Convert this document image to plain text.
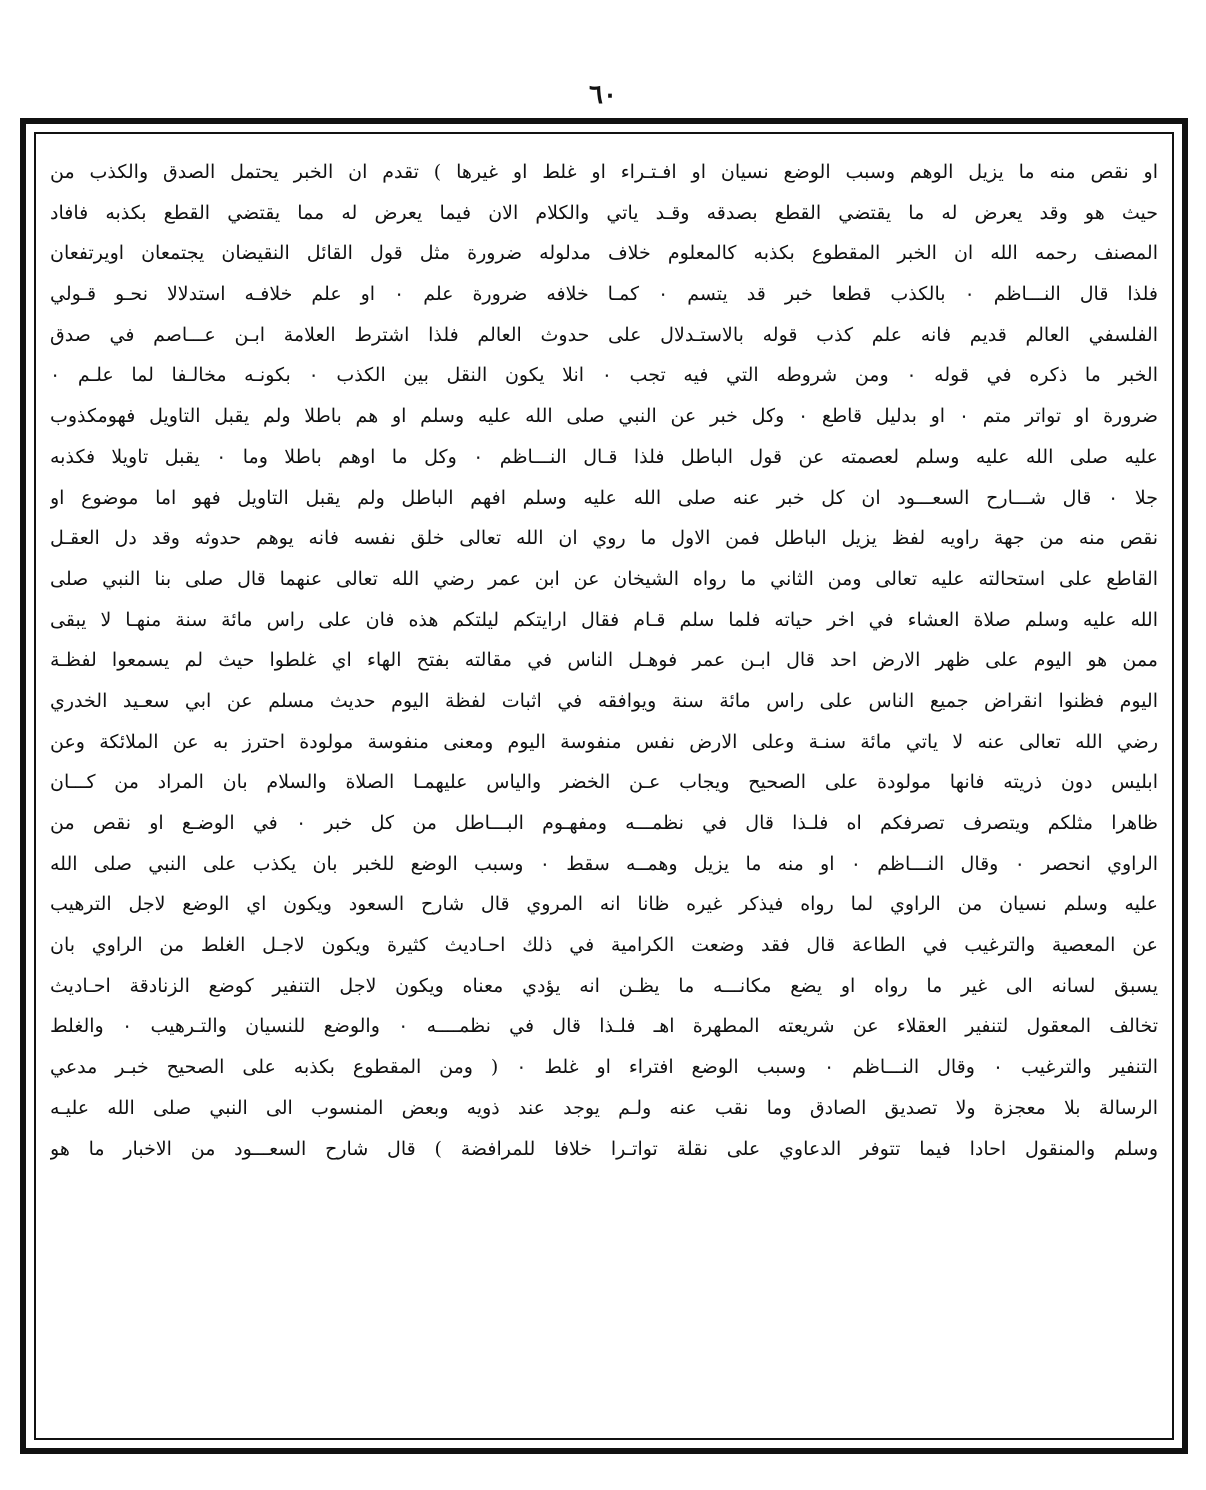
٦٠
او نقص منه ما يزيل الوهم وسبب الوضع نسيان او افـتـراء او غلط او غيرها ) تقدم ان الخبر يحتمل الصدق والكذب من
حيث هو وقد يعرض له ما يقتضي القطع بصدقه وقـد ياتي والكلام الان فيما يعرض له مما يقتضي القطع بكذبه فافاد
المصنف رحمه الله ان الخبر المقطوع بكذبه كالمعلوم خلاف مدلوله ضرورة مثل قول القائل النقيضان يجتمعان اويرتفعان
فلذا قال النـــاظم ٠ بالكذب قطعا خبر قد يتسم ٠ كمـا خلافه ضرورة علم ٠ او علم خلافـه استدلالا نحـو قـولي
الفلسفي العالم قديم فانه علم كذب قوله بالاستـدلال على حدوث العالم فلذا اشترط العلامة ابـن عـــاصم في صدق
الخبر ما ذكره في قوله ٠ ومن شروطه التي فيه تجب ٠ انلا يكون النقل بين الكذب ٠ بكونـه مخالـفا لما علـم ٠
ضرورة او تواتر متم ٠ او بدليل قاطع ٠ وكل خبر عن النبي صلى الله عليه وسلم او هم باطلا ولم يقبل التاويل فهومكذوب
عليه صلى الله عليه وسلم لعصمته عن قول الباطل فلذا قـال النـــاظم ٠ وكل ما اوهم باطلا وما ٠ يقبل تاويلا فكذبه
جلا ٠ قال شـــارح السعـــود ان كل خبر عنه صلى الله عليه وسلم افهم الباطل ولم يقبل التاويل فهو اما موضوع او
نقص منه من جهة راويه لفظ يزيل الباطل فمن الاول ما روي ان الله تعالى خلق نفسه فانه يوهم حدوثه وقد دل العقـل
القاطع على استحالته عليه تعالى ومن الثاني ما رواه الشيخان عن ابن عمر رضي الله تعالى عنهما قال صلى بنا النبي صلى
الله عليه وسلم صلاة العشاء في اخر حياته فلما سلم قـام فقال ارايتكم ليلتكم هذه فان على راس مائة سنة منهـا لا يبقى
ممن هو اليوم على ظهر الارض احد قال ابـن عمر فوهـل الناس في مقالته بفتح الهاء اي غلطوا حيث لم يسمعوا لفظـة
اليوم فظنوا انقراض جميع الناس على راس مائة سنة ويوافقه في اثبات لفظة اليوم حديث مسلم عن ابي سعـيد الخدري
رضي الله تعالى عنه لا ياتي مائة سنـة وعلى الارض نفس منفوسة اليوم ومعنى منفوسة مولودة احترز به عن الملائكة وعن
ابليس دون ذريته فانها مولودة على الصحيح ويجاب عـن الخضر والياس عليهمـا الصلاة والسلام بان المراد من كـــان
ظاهرا مثلكم ويتصرف تصرفكم اه فلـذا قال في نظمـــه ومفهـوم البـــاطل من كل خبر ٠ في الوضـع او نقص من
الراوي انحصر ٠ وقال النـــاظم ٠ او منه ما يزيل وهمــه سقط ٠ وسبب الوضع للخبر بان يكذب على النبي صلى الله
عليه وسلم نسيان من الراوي لما رواه فيذكر غيره ظانا انه المروي قال شارح السعود ويكون اي الوضع لاجل الترهيب
عن المعصية والترغيب في الطاعة قال فقد وضعت الكرامية في ذلك احـاديث كثيرة ويكون لاجـل الغلط من الراوي بان
يسبق لسانه الى غير ما رواه او يضع مكانـــه ما يظـن انه يؤدي معناه ويكون لاجل التنفير كوضع الزنادقة احـاديث
تخالف المعقول لتنفير العقلاء عن شريعته المطهرة اهـ فلـذا قال في نظمــــه ٠ والوضع للنسيان والتـرهيب ٠ والغلط
التنفير والترغيب ٠ وقال النـــاظم ٠ وسبب الوضع افتراء او غلط ٠ ( ومن المقطوع بكذبه على الصحيح خبـر مدعي
الرسالة بلا معجزة ولا تصديق الصادق وما نقب عنه ولـم يوجد عند ذويه وبعض المنسوب الى النبي صلى الله عليـه
وسلم والمنقول احادا فيما تتوفر الدعاوي على نقلة تواتـرا خلافا للمرافضة ) قال شارح السعـــود من الاخبار ما هو
